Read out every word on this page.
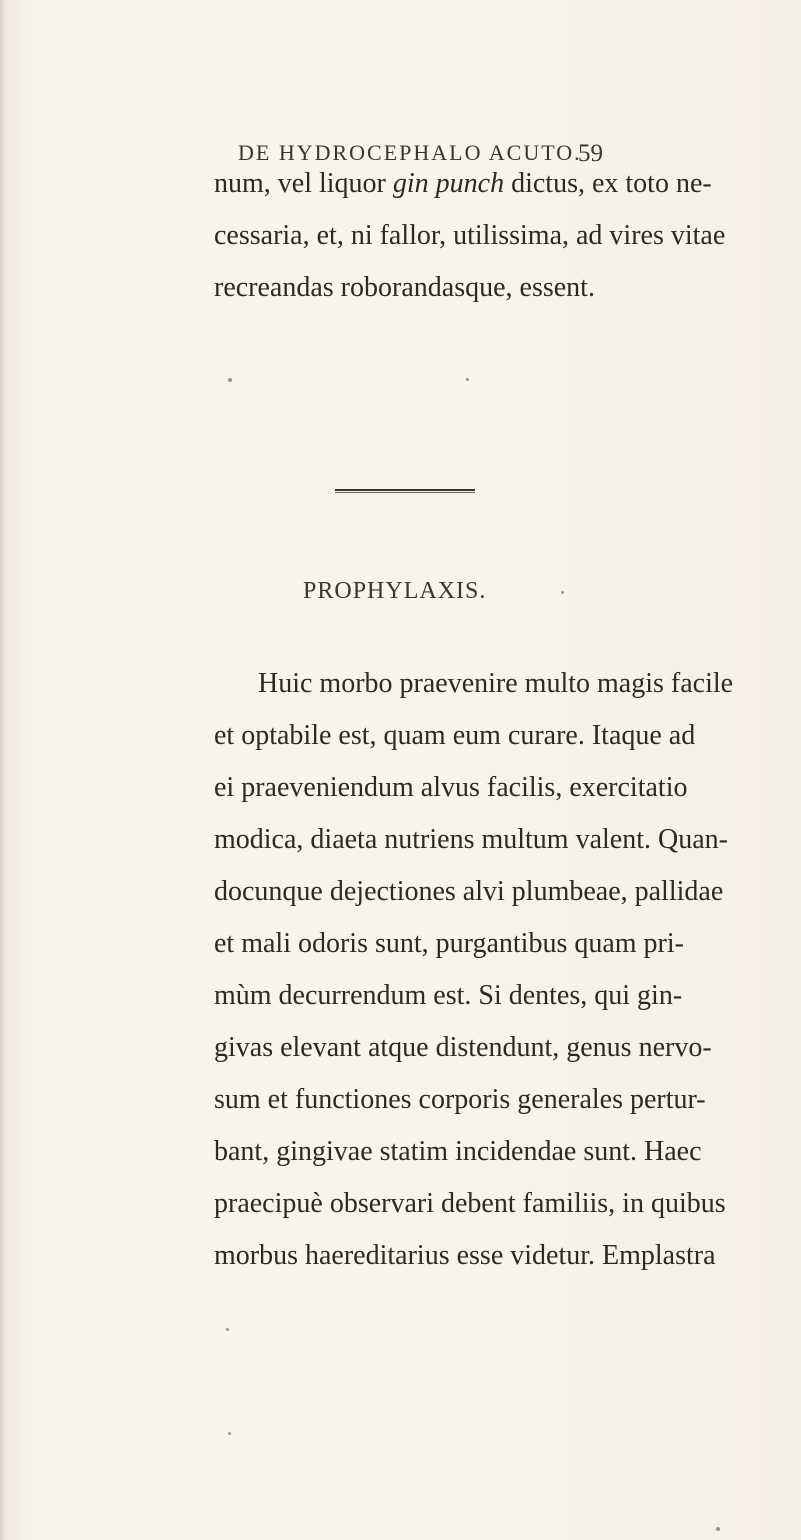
DE HYDROCEPHALO ACUTO.
59
num, vel liquor gin punch dictus, ex toto ne-
cessaria, et, ni fallor, utilissima, ad vires vitae
recreandas roborandasque, essent.
PROPHYLAXIS.
Huic morbo praevenire multo magis facile
et optabile est, quam eum curare. Itaque ad
ei praeveniendum alvus facilis, exercitatio
modica, diaeta nutriens multum valent. Quan-
docunque dejectiones alvi plumbeae, pallidae
et mali odoris sunt, purgantibus quam pri-
mùm decurrendum est. Si dentes, qui gin-
givas elevant atque distendunt, genus nervo-
sum et functiones corporis generales pertur-
bant, gingivae statim incidendae sunt. Haec
praecipuè observari debent familiis, in quibus
morbus haereditarius esse videtur. Emplastra
